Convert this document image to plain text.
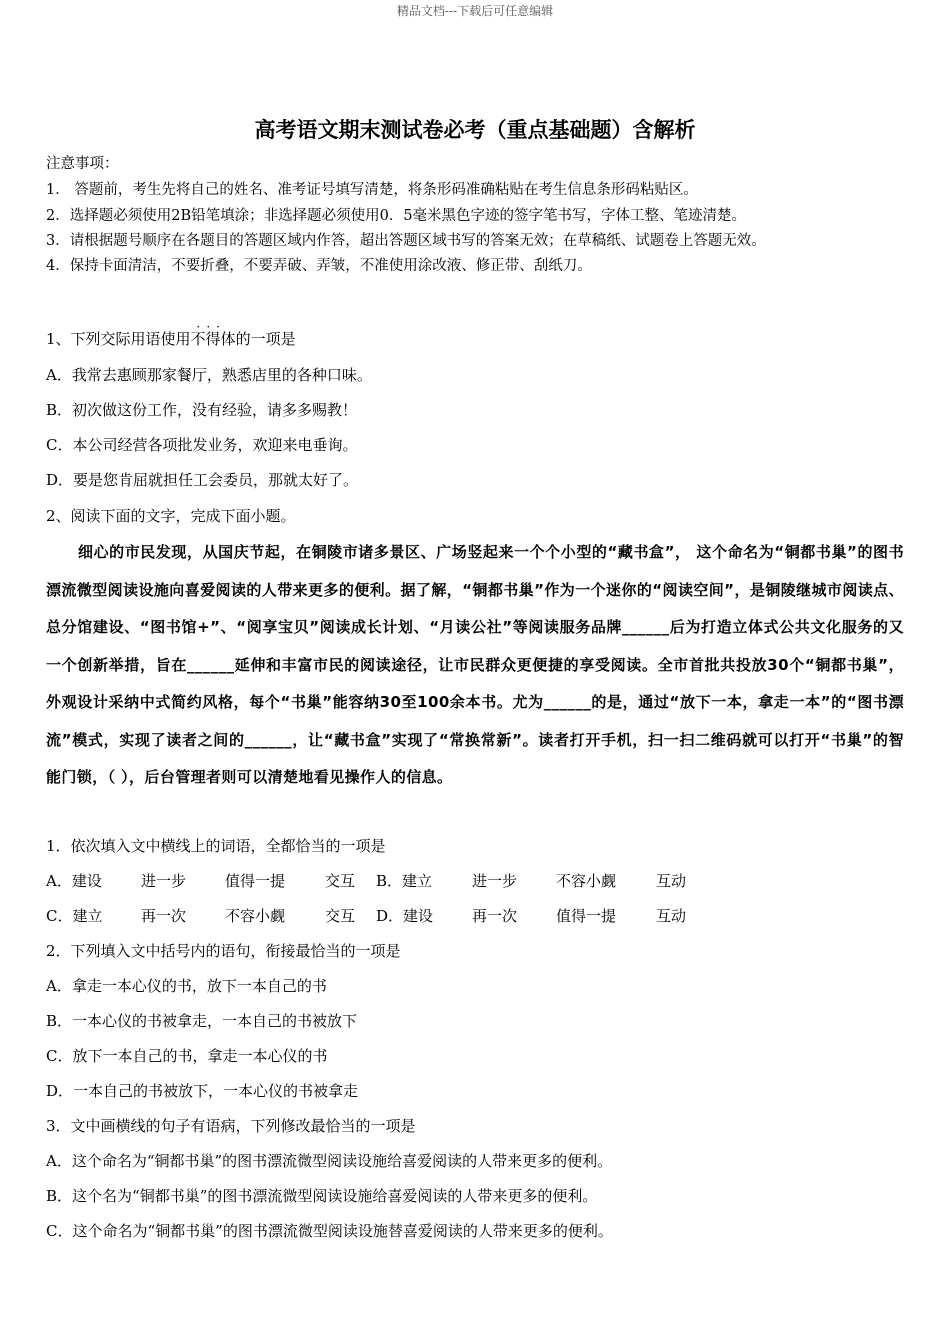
精品文档---下载后可任意编辑
高考语文期末测试卷必考（重点基础题）含解析
注意事项：
1． 答题前，考生先将自己的姓名、准考证号填写清楚，将条形码准确粘贴在考生信息条形码粘贴区。
2．选择题必须使用2B铅笔填涂；非选择题必须使用0．5毫米黑色字迹的签字笔书写，字体工整、笔迹清楚。
3．请根据题号顺序在各题目的答题区域内作答，超出答题区域书写的答案无效；在草稿纸、试题卷上答题无效。
4．保持卡面清洁，不要折叠，不要弄破、弄皱，不准使用涂改液、修正带、刮纸刀。
1、下列交际用语使用
···
不得体的一项是
A．我常去惠顾那家餐厅，熟悉店里的各种口味。
B．初次做这份工作，没有经验，请多多赐教！
C．本公司经营各项批发业务，欢迎来电垂询。
D．要是您肯屈就担任工会委员，那就太好了。
2、阅读下面的文字，完成下面小题。
细心的市民发现，从国庆节起，在铜陵市诸多景区、广场竖起来一个个小型的“藏书盒”， 这个命名为“铜都书巢”的图书漂流微型阅读设施向喜爱阅读的人带来更多的便利。据了解，“铜都书巢”作为一个迷你的“阅读空间”，是铜陵继城市阅读点、总分馆建设、“图书馆+”、“阅享宝贝”阅读成长计划、“月读公社”等阅读服务品牌______后为打造立体式公共文化服务的又一个创新举措，旨在______延伸和丰富市民的阅读途径，让市民群众更便捷的享受阅读。全市首批共投放30个“铜都书巢”，外观设计采纳中式简约风格，每个“书巢”能容纳30至100余本书。尤为______的是，通过“放下一本，拿走一本”的“图书漂流”模式，实现了读者之间的______，让“藏书盒”实现了“常换常新”。读者打开手机，扫一扫二维码就可以打开“书巢”的智能门锁，（ ），后台管理者则可以清楚地看见操作人的信息。
1．依次填入文中横线上的词语，全都恰当的一项是
A．建设	进一步	值得一提	交互 B．建立	进一步	不容小觑	互动
C．建立	再一次	不容小觑	交互 D．建设	再一次	值得一提	互动
2．下列填入文中括号内的语句，衔接最恰当的一项是
A．拿走一本心仪的书，放下一本自己的书
B．一本心仪的书被拿走，一本自己的书被放下
C．放下一本自己的书，拿走一本心仪的书
D．一本自己的书被放下，一本心仪的书被拿走
3．文中画横线的句子有语病，下列修改最恰当的一项是
A．这个命名为“铜都书巢”的图书漂流微型阅读设施给喜爱阅读的人带来更多的便利。
B．这个名为“铜都书巢”的图书漂流微型阅读设施给喜爱阅读的人带来更多的便利。
C．这个命名为“铜都书巢”的图书漂流微型阅读设施替喜爱阅读的人带来更多的便利。
